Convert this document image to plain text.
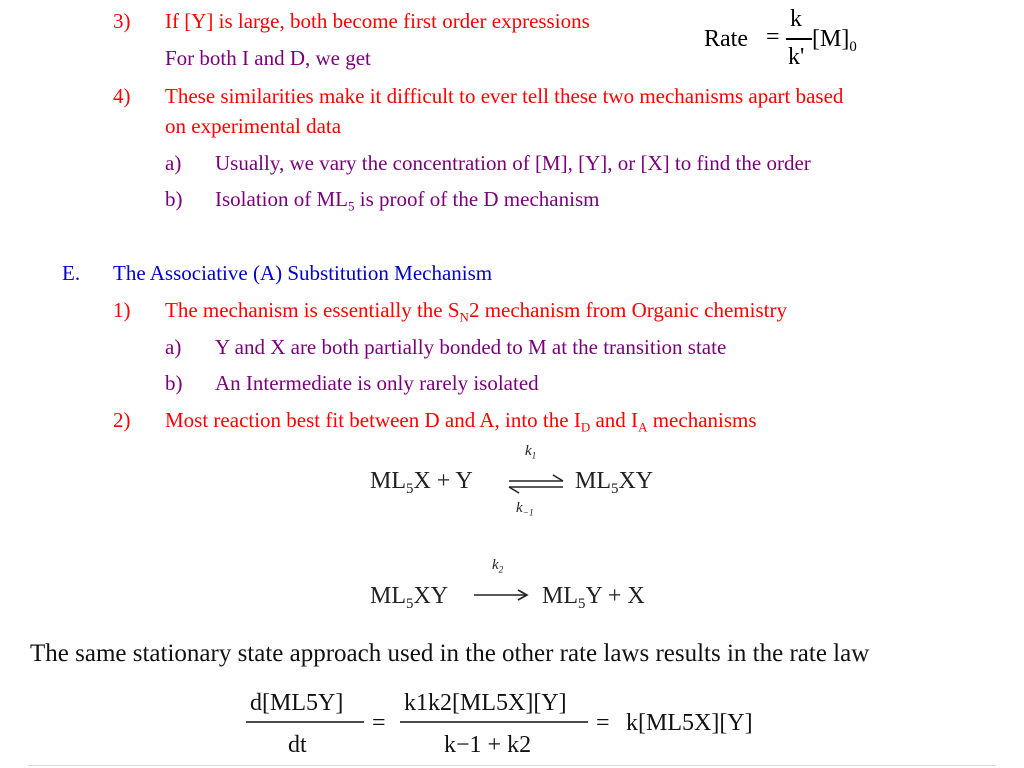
3) If [Y] is large, both become first order expressions
For both I and D, we get
Rate =
k
k'
$[M]_0$
4) These similarities make it difficult to ever tell these two mechanisms apart based
on experimental data
a) Usually, we vary the concentration of [M], [Y], or [X] to find the order
b) Isolation of $ML_5$ is proof of the D mechanism
E. The Associative (A) Substitution Mechanism
1) The mechanism is essentially the $S_N2$ mechanism from Organic chemistry
a) Y and X are both partially bonded to M at the transition state
b) An Intermediate is only rarely isolated
2) Most reaction best fit between D and A, into the $I_D$ and $I_A$ mechanisms
$ML_5X + Y$
$k_1$
$k_{-1}$
$ML_5XY$
$ML_5XY$
$k_2$
$ML_5Y + X$
The same stationary state approach used in the other rate laws results in the rate law
d[ML5Y]
dt
=
k1k2[ML5X][Y]
k−1 + k2
= k[ML5X][Y]
